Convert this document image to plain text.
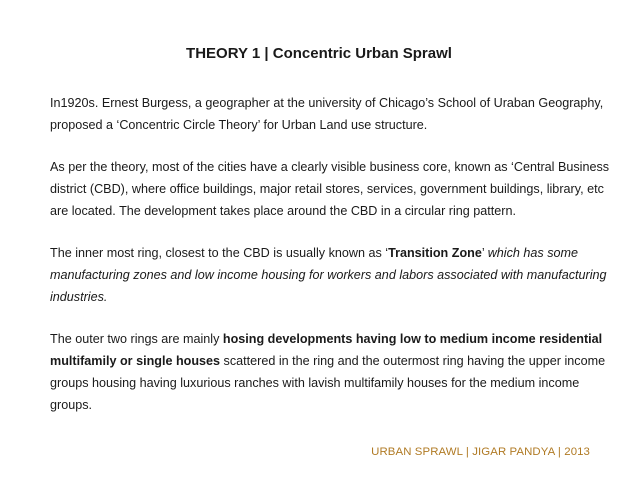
THEORY 1 | Concentric Urban Sprawl

In1920s. Ernest Burgess, a geographer at the university of Chicago’s School of Uraban Geography, proposed a ‘Concentric Circle Theory’ for Urban Land use structure.

As per the theory, most of the cities have a clearly visible business core, known as ‘Central Business district (CBD), where office buildings, major retail stores, services, government buildings, library, etc are located. The development takes place around the CBD in a circular ring pattern.

The inner most ring, closest to the CBD is usually known as ‘Transition Zone’ which has some manufacturing zones and low income housing for workers and labors associated with manufacturing industries.

The outer two rings are mainly hosing developments having low to medium income residential multifamily or single houses scattered in the ring and the outermost ring having the upper income groups housing having luxurious ranches with lavish multifamily houses for the medium income groups.

URBAN SPRAWL | JIGAR PANDYA | 2013
